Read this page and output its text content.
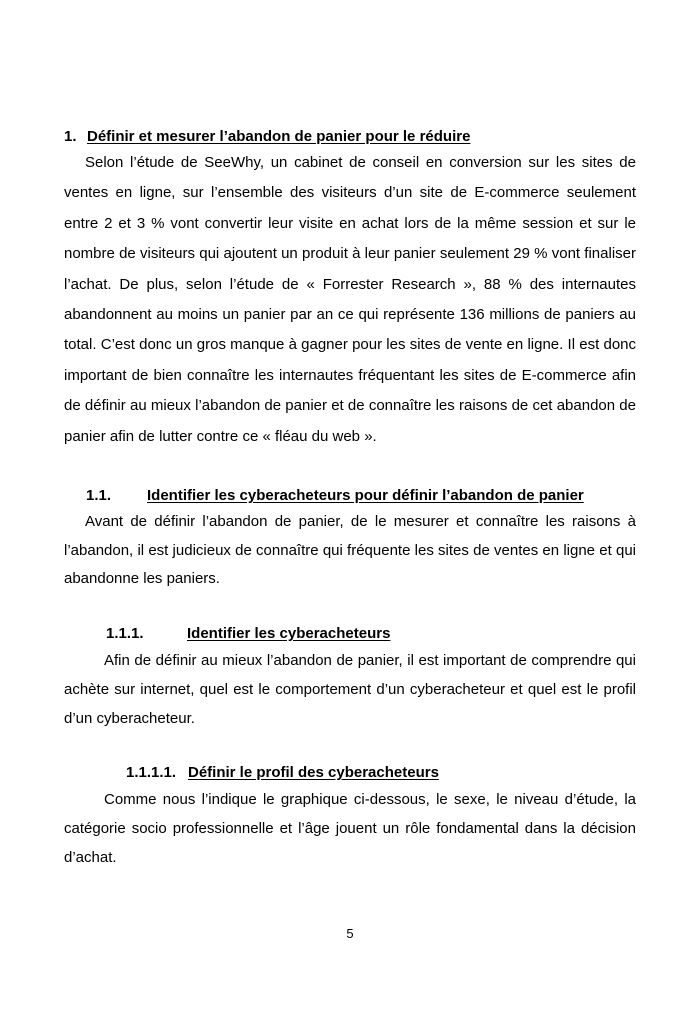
1. Définir et mesurer l’abandon de panier pour le réduire

Selon l’étude de SeeWhy, un cabinet de conseil en conversion sur les sites de ventes en ligne, sur l’ensemble des visiteurs d’un site de E-commerce seulement entre 2 et 3 % vont convertir leur visite en achat lors de la même session et sur le nombre de visiteurs qui ajoutent un produit à leur panier seulement 29 % vont finaliser l’achat. De plus, selon l’étude de « Forrester Research », 88 % des internautes abandonnent au moins un panier par an ce qui représente 136 millions de paniers au total. C’est donc un gros manque à gagner pour les sites de vente en ligne. Il est donc important de bien connaître les internautes fréquentant les sites de E-commerce afin de définir au mieux l’abandon de panier et de connaître les raisons de cet abandon de panier afin de lutter contre ce « fléau du web ».

1.1. Identifier les cyberacheteurs pour définir l’abandon de panier

Avant de définir l’abandon de panier, de le mesurer et connaître les raisons à l’abandon, il est judicieux de connaître qui fréquente les sites de ventes en ligne et qui abandonne les paniers.

1.1.1.	Identifier les cyberacheteurs

Afin de définir au mieux l’abandon de panier, il est important de comprendre qui achète sur internet, quel est le comportement d’un cyberacheteur et quel est le profil d’un cyberacheteur.

1.1.1.1. Définir le profil des cyberacheteurs

Comme nous l’indique le graphique ci-dessous, le sexe, le niveau d’étude, la catégorie socio professionnelle et l’âge jouent un rôle fondamental dans la décision d’achat.

5
